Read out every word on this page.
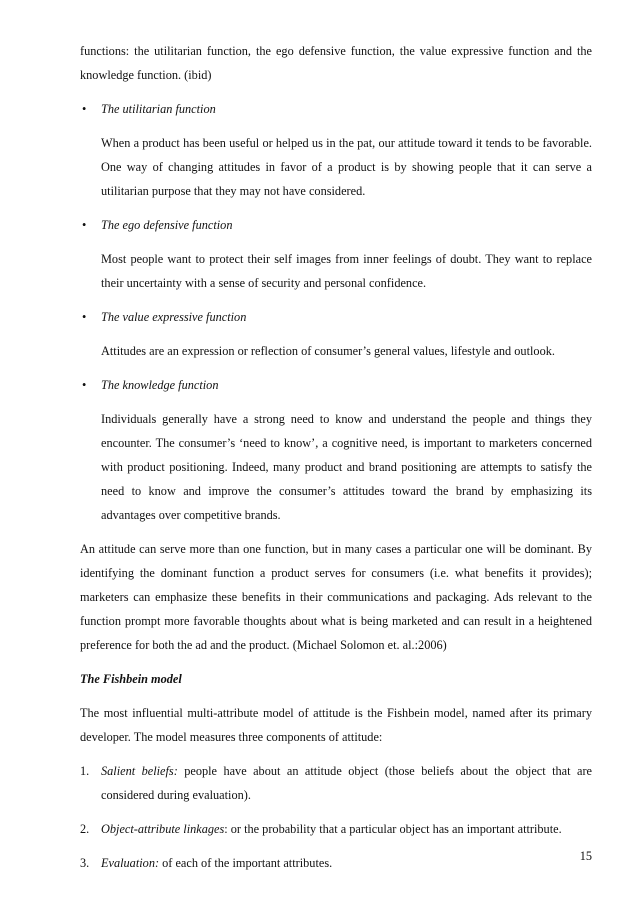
functions: the utilitarian function, the ego defensive function, the value expressive function and the knowledge function. (ibid)

• The utilitarian function

When a product has been useful or helped us in the pat, our attitude toward it tends to be favorable. One way of changing attitudes in favor of a product is by showing people that it can serve a utilitarian purpose that they may not have considered.

• The ego defensive function

Most people want to protect their self images from inner feelings of doubt. They want to replace their uncertainty with a sense of security and personal confidence.

• The value expressive function

Attitudes are an expression or reflection of consumer’s general values, lifestyle and outlook.

• The knowledge function

Individuals generally have a strong need to know and understand the people and things they encounter. The consumer’s ‘need to know’, a cognitive need, is important to marketers concerned with product positioning. Indeed, many product and brand positioning are attempts to satisfy the need to know and improve the consumer’s attitudes toward the brand by emphasizing its advantages over competitive brands.

An attitude can serve more than one function, but in many cases a particular one will be dominant. By identifying the dominant function a product serves for consumers (i.e. what benefits it provides); marketers can emphasize these benefits in their communications and packaging. Ads relevant to the function prompt more favorable thoughts about what is being marketed and can result in a heightened preference for both the ad and the product. (Michael Solomon et. al.:2006)

The Fishbein model

The most influential multi-attribute model of attitude is the Fishbein model, named after its primary developer. The model measures three components of attitude:

1. Salient beliefs: people have about an attitude object (those beliefs about the object that are considered during evaluation).
2. Object-attribute linkages: or the probability that a particular object has an important attribute.
3. Evaluation: of each of the important attributes.	15
